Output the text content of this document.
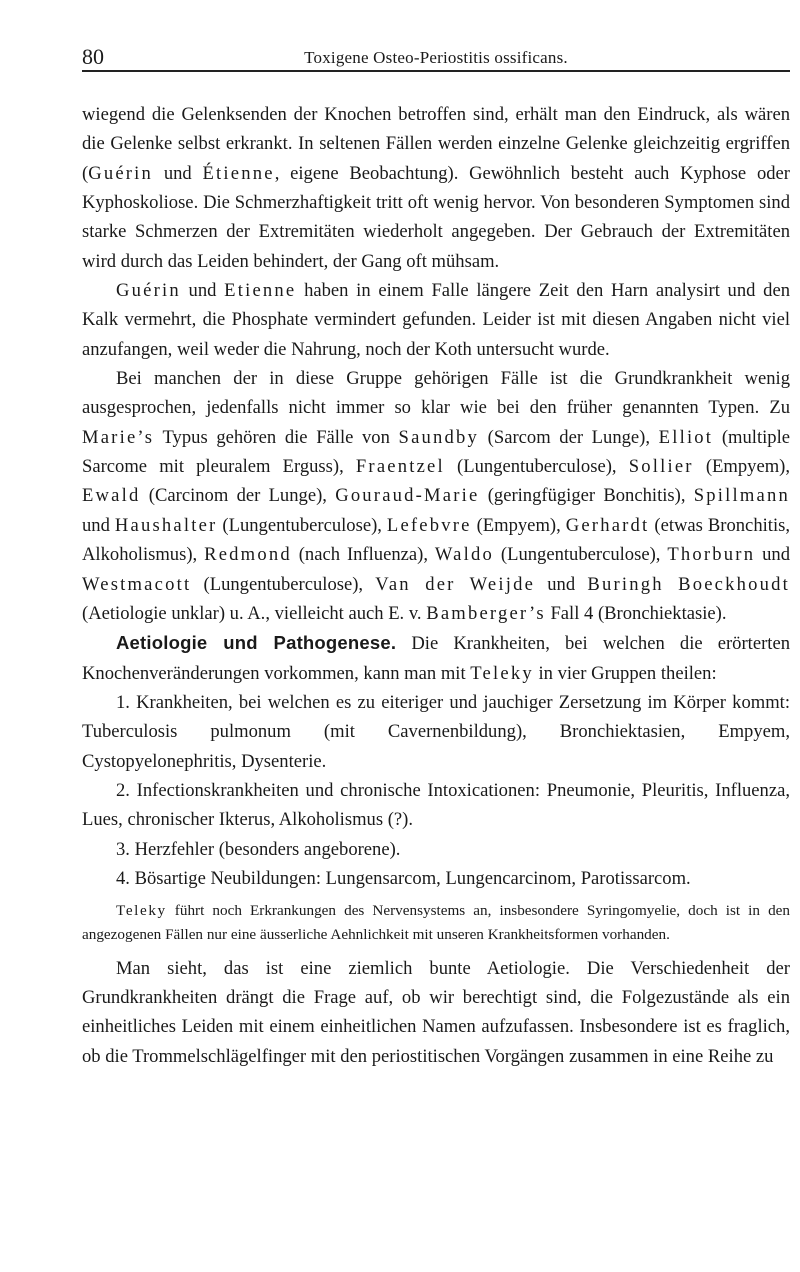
80	Toxigene Osteo-Periostitis ossificans.

wiegend die Gelenksenden der Knochen betroffen sind, erhält man den Eindruck, als wären die Gelenke selbst erkrankt. In seltenen Fällen werden einzelne Gelenke gleichzeitig ergriffen (Guérin und Étienne, eigene Beobachtung). Gewöhnlich besteht auch Kyphose oder Kyphoskoliose. Die Schmerzhaftigkeit tritt oft wenig hervor. Von besonderen Symptomen sind starke Schmerzen der Extremitäten wiederholt angegeben. Der Gebrauch der Extremitäten wird durch das Leiden behindert, der Gang oft mühsam.

Guérin und Etienne haben in einem Falle längere Zeit den Harn analysirt und den Kalk vermehrt, die Phosphate vermindert gefunden. Leider ist mit diesen Angaben nicht viel anzufangen, weil weder die Nahrung, noch der Koth untersucht wurde.

Bei manchen der in diese Gruppe gehörigen Fälle ist die Grundkrankheit wenig ausgesprochen, jedenfalls nicht immer so klar wie bei den früher genannten Typen. Zu Marie’s Typus gehören die Fälle von Saundby (Sarcom der Lunge), Elliot (multiple Sarcome mit pleuralem Erguss), Fraentzel (Lungentuberculose), Sollier (Empyem), Ewald (Carcinom der Lunge), Gouraud-Marie (geringfügiger Bonchitis), Spillmann und Haushalter (Lungentuberculose), Lefebvre (Empyem), Gerhardt (etwas Bronchitis, Alkoholismus), Redmond (nach Influenza), Waldo (Lungentuberculose), Thorburn und Westmacott (Lungentuberculose), Van der Weijde und Buringh Boeckhoudt (Aetiologie unklar) u. A., vielleicht auch E. v. Bamberger’s Fall 4 (Bronchiektasie).

Aetiologie und Pathogenese. Die Krankheiten, bei welchen die erörterten Knochenveränderungen vorkommen, kann man mit Teleky in vier Gruppen theilen:

1. Krankheiten, bei welchen es zu eiteriger und jauchiger Zersetzung im Körper kommt: Tuberculosis pulmonum (mit Cavernenbildung), Bronchiektasien, Empyem, Cystopyelonephritis, Dysenterie.

2. Infectionskrankheiten und chronische Intoxicationen: Pneumonie, Pleuritis, Influenza, Lues, chronischer Ikterus, Alkoholismus (?).

3. Herzfehler (besonders angeborene).

4. Bösartige Neubildungen: Lungensarcom, Lungencarcinom, Parotissarcom.

Teleky führt noch Erkrankungen des Nervensystems an, insbesondere Syringomyelie, doch ist in den angezogenen Fällen nur eine äusserliche Aehnlichkeit mit unseren Krankheitsformen vorhanden.

Man sieht, das ist eine ziemlich bunte Aetiologie. Die Verschiedenheit der Grundkrankheiten drängt die Frage auf, ob wir berechtigt sind, die Folgezustände als ein einheitliches Leiden mit einem einheitlichen Namen aufzufassen. Insbesondere ist es fraglich, ob die Trommelschlägelfinger mit den periostitischen Vorgängen zusammen in eine Reihe zu
